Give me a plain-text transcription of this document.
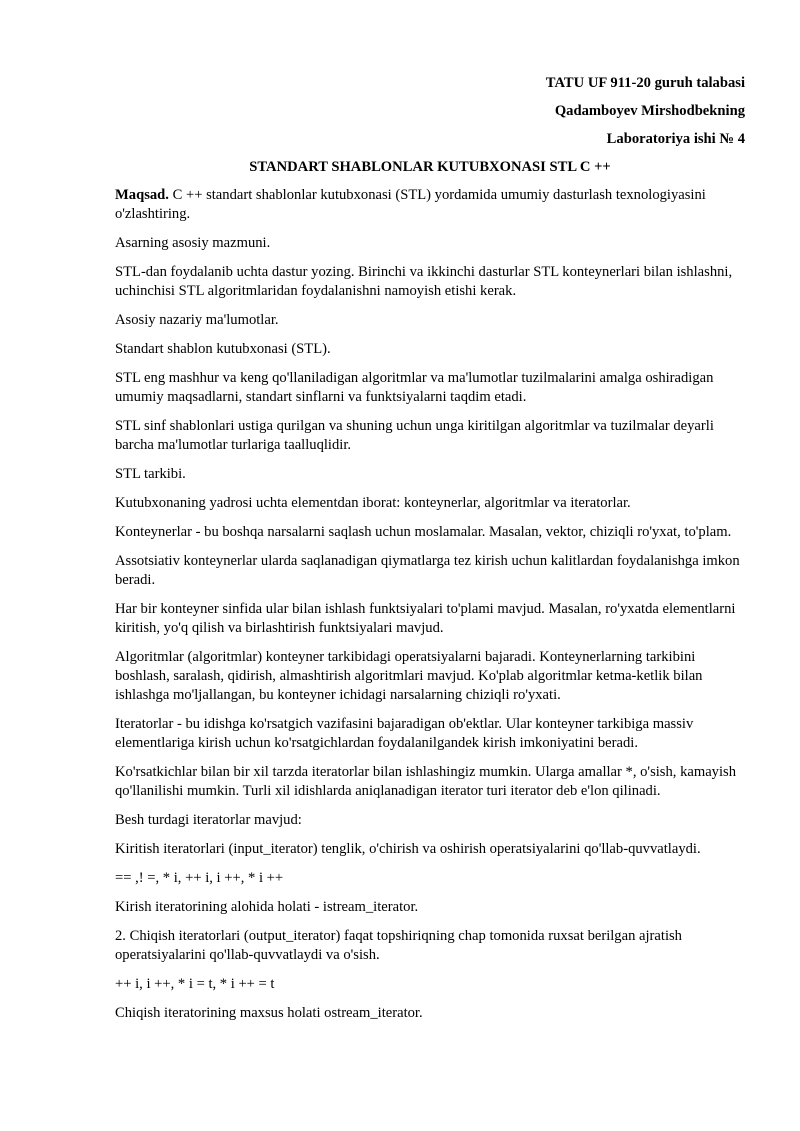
TATU UF 911-20 guruh talabasi
Qadamboyev Mirshodbekning
Laboratoriya ishi № 4
STANDART SHABLONLAR KUTUBXONASI STL C ++

Maqsad. C ++ standart shablonlar kutubxonasi (STL) yordamida umumiy dasturlash texnologiyasini o'zlashtiring.

Asarning asosiy mazmuni.

STL-dan foydalanib uchta dastur yozing. Birinchi va ikkinchi dasturlar STL konteynerlari bilan ishlashni, uchinchisi STL algoritmlaridan foydalanishni namoyish etishi kerak.

Asosiy nazariy ma'lumotlar.

Standart shablon kutubxonasi (STL).

STL eng mashhur va keng qo'llaniladigan algoritmlar va ma'lumotlar tuzilmalarini amalga oshiradigan umumiy maqsadlarni, standart sinflarni va funktsiyalarni taqdim etadi.

STL sinf shablonlari ustiga qurilgan va shuning uchun unga kiritilgan algoritmlar va tuzilmalar deyarli barcha ma'lumotlar turlariga taalluqlidir.

STL tarkibi.

Kutubxonaning yadrosi uchta elementdan iborat: konteynerlar, algoritmlar va iteratorlar.

Konteynerlar - bu boshqa narsalarni saqlash uchun moslamalar. Masalan, vektor, chiziqli ro'yxat, to'plam.

Assotsiativ konteynerlar ularda saqlanadigan qiymatlarga tez kirish uchun kalitlardan foydalanishga imkon beradi.

Har bir konteyner sinfida ular bilan ishlash funktsiyalari to'plami mavjud. Masalan, ro'yxatda elementlarni kiritish, yo'q qilish va birlashtirish funktsiyalari mavjud.

Algoritmlar (algoritmlar) konteyner tarkibidagi operatsiyalarni bajaradi. Konteynerlarning tarkibini boshlash, saralash, qidirish, almashtirish algoritmlari mavjud. Ko'plab algoritmlar ketma-ketlik bilan ishlashga mo'ljallangan, bu konteyner ichidagi narsalarning chiziqli ro'yxati.

Iteratorlar - bu idishga ko'rsatgich vazifasini bajaradigan ob'ektlar. Ular konteyner tarkibiga massiv elementlariga kirish uchun ko'rsatgichlardan foydalanilgandek kirish imkoniyatini beradi.

Ko'rsatkichlar bilan bir xil tarzda iteratorlar bilan ishlashingiz mumkin. Ularga amallar *, o'sish, kamayish qo'llanilishi mumkin. Turli xil idishlarda aniqlanadigan iterator turi iterator deb e'lon qilinadi.

Besh turdagi iteratorlar mavjud:

Kiritish iteratorlari (input_iterator) tenglik, o'chirish va oshirish operatsiyalarini qo'llab-quvvatlaydi.

== ,! =, * i, ++ i, i ++, * i ++

Kirish iteratorining alohida holati - istream_iterator.

2. Chiqish iteratorlari (output_iterator) faqat topshiriqning chap tomonida ruxsat berilgan ajratish operatsiyalarini qo'llab-quvvatlaydi va o'sish.

++ i, i ++, * i = t, * i ++ = t

Chiqish iteratorining maxsus holati ostream_iterator.
